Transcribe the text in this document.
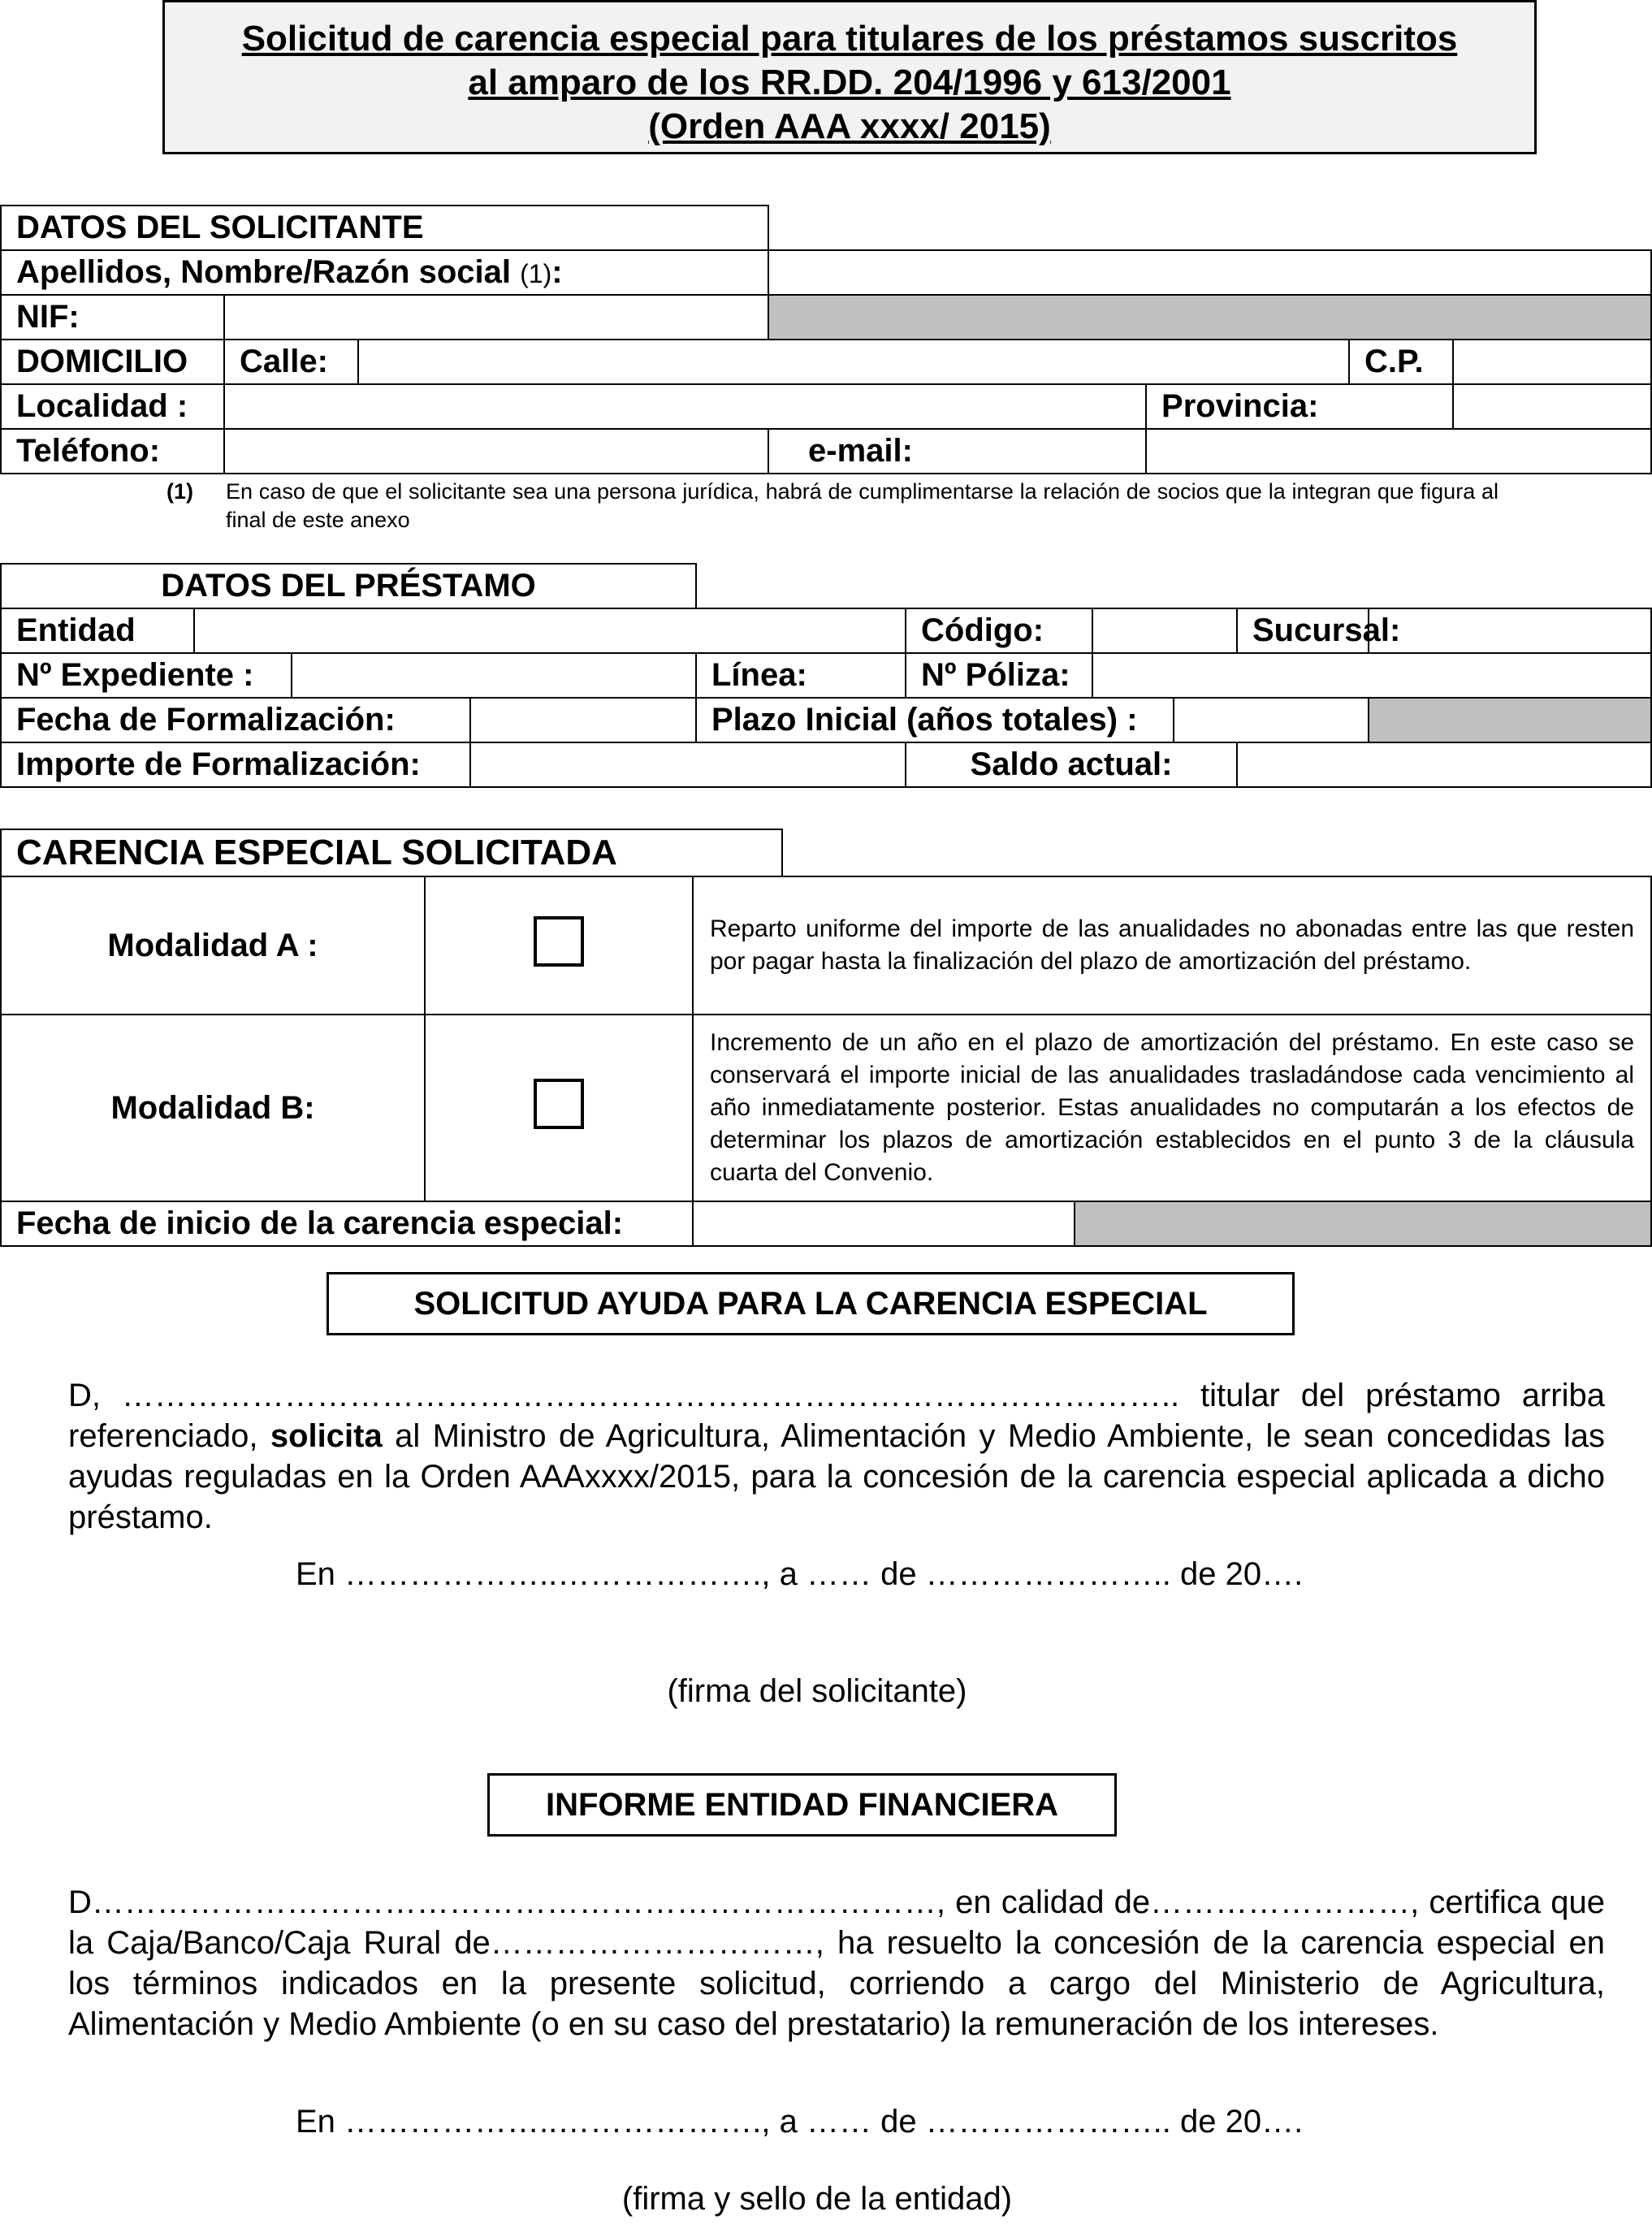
Solicitud de carencia especial para titulares de los préstamos suscritos
al amparo de los RR.DD. 204/1996 y 613/2001
(Orden AAA xxxx/ 2015)
DATOS DEL SOLICITANTE						
Apellidos, Nombre/Razón social (1):						
NIF:						
DOMICILIO	Calle:				C.P.	
Localidad :				Provincia:		
Teléfono:			e-mail:			
(1) En caso de que el solicitante sea una persona jurídica, habrá de cumplimentarse la relación de socios que la integran que figura al final de este anexo
DATOS DEL PRÉSTAMO									
Entidad					Código:			Sucursal:	
Nº Expediente :				Línea:	Nº Póliza:				
Fecha de Formalización:				Plazo Inicial (años totales) :					
Importe de Formalización:					Saldo actual:				
CARENCIA ESPECIAL SOLICITADA				
Modalidad A :		Reparto uniforme del importe de las anualidades no abonadas entre las que resten por pagar hasta la finalización del plazo de amortización del préstamo.		
Modalidad B:		Incremento de un año en el plazo de amortización del préstamo. En este caso se conservará el importe inicial de las anualidades trasladándose cada vencimiento al año inmediatamente posterior. Estas anualidades no computarán a los efectos de determinar los plazos de amortización establecidos en el punto 3 de la cláusula cuarta del Convenio.		
Fecha de inicio de la carencia especial:				
SOLICITUD AYUDA PARA LA CARENCIA ESPECIAL
D, …………………………………………………………………………………….. titular del préstamo arriba referenciado, solicita al Ministro de Agricultura, Alimentación y Medio Ambiente, le sean concedidas las ayudas reguladas en la Orden AAAxxxx/2015, para la concesión de la carencia especial aplicada a dicho préstamo.
En ………………..………………., a …… de ………………….. de 20….
(firma del solicitante)
INFORME ENTIDAD FINANCIERA
D……………………………………………………………………, en calidad de……………………, certifica que la Caja/Banco/Caja Rural de…………………………, ha resuelto la concesión de la carencia especial en los términos indicados en la presente solicitud, corriendo a cargo del Ministerio de Agricultura, Alimentación y Medio Ambiente (o en su caso del prestatario) la remuneración de los intereses.
En ………………..………………., a …… de ………………….. de 20….
(firma y sello de la entidad)
